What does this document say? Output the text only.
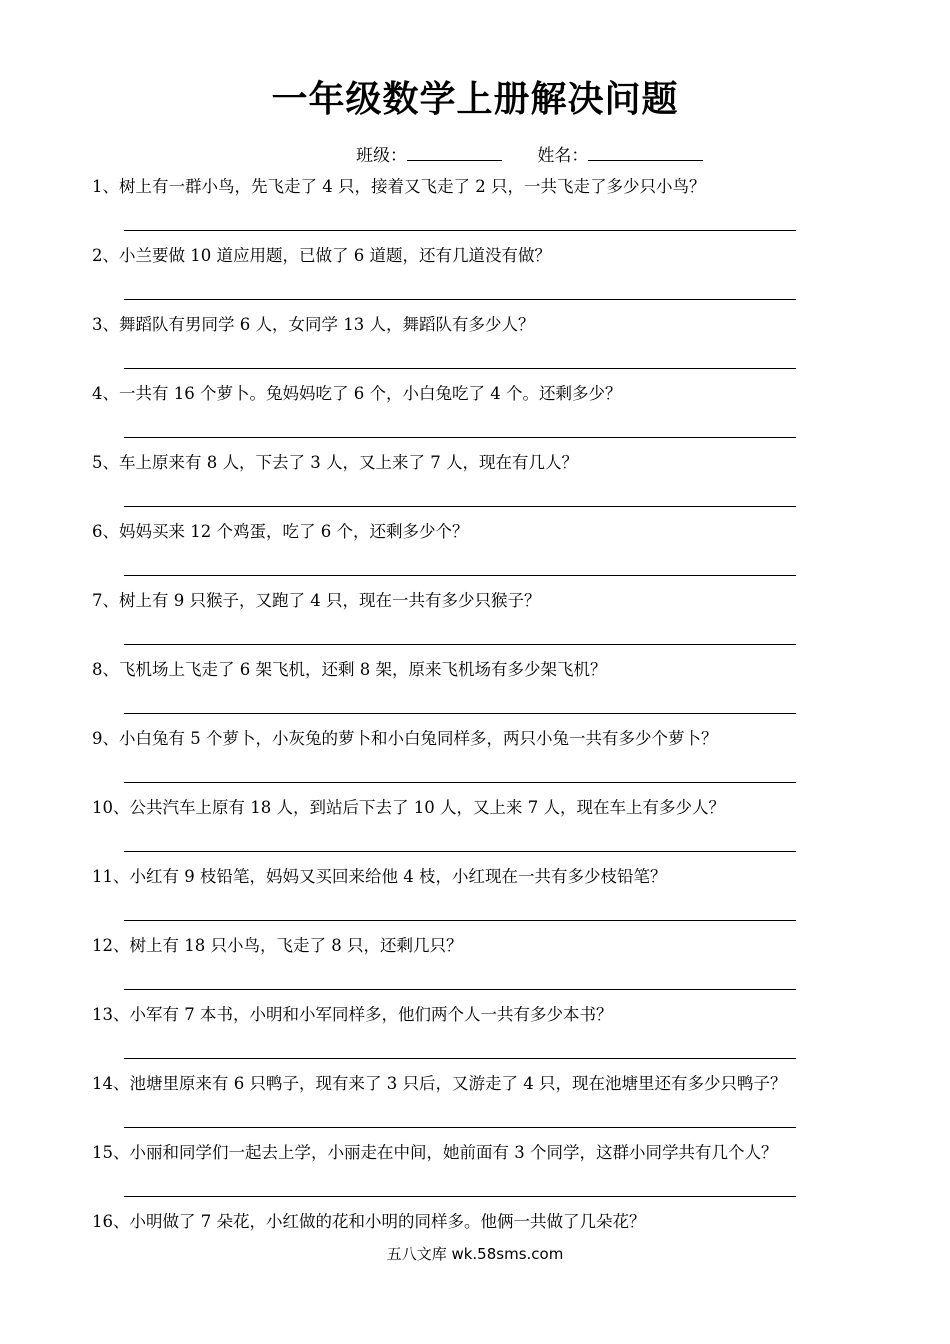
一年级数学上册解决问题
班级：	姓名：
1、树上有一群小鸟，先飞走了 4 只，接着又飞走了 2 只，一共飞走了多少只小鸟？
2、小兰要做 10 道应用题，已做了 6 道题，还有几道没有做？
3、舞蹈队有男同学 6 人，女同学 13 人，舞蹈队有多少人？
4、一共有 16 个萝卜。兔妈妈吃了 6 个，小白兔吃了 4 个。还剩多少？
5、车上原来有 8 人，下去了 3 人，又上来了 7 人，现在有几人？
6、妈妈买来 12 个鸡蛋，吃了 6 个，还剩多少个？
7、树上有 9 只猴子，又跑了 4 只，现在一共有多少只猴子？
8、飞机场上飞走了 6 架飞机，还剩 8 架，原来飞机场有多少架飞机？
9、小白兔有 5 个萝卜，小灰兔的萝卜和小白兔同样多，两只小兔一共有多少个萝卜？
10、公共汽车上原有 18 人，到站后下去了 10 人，又上来 7 人，现在车上有多少人？
11、小红有 9 枝铅笔，妈妈又买回来给他 4 枝，小红现在一共有多少枝铅笔？
12、树上有 18 只小鸟，飞走了 8 只，还剩几只？
13、小军有 7 本书，小明和小军同样多，他们两个人一共有多少本书？
14、池塘里原来有 6 只鸭子，现有来了 3 只后，又游走了 4 只，现在池塘里还有多少只鸭子？
15、小丽和同学们一起去上学，小丽走在中间，她前面有 3 个同学，这群小同学共有几个人？
16、小明做了 7 朵花，小红做的花和小明的同样多。他俩一共做了几朵花？
五八文库 wk.58sms.com
